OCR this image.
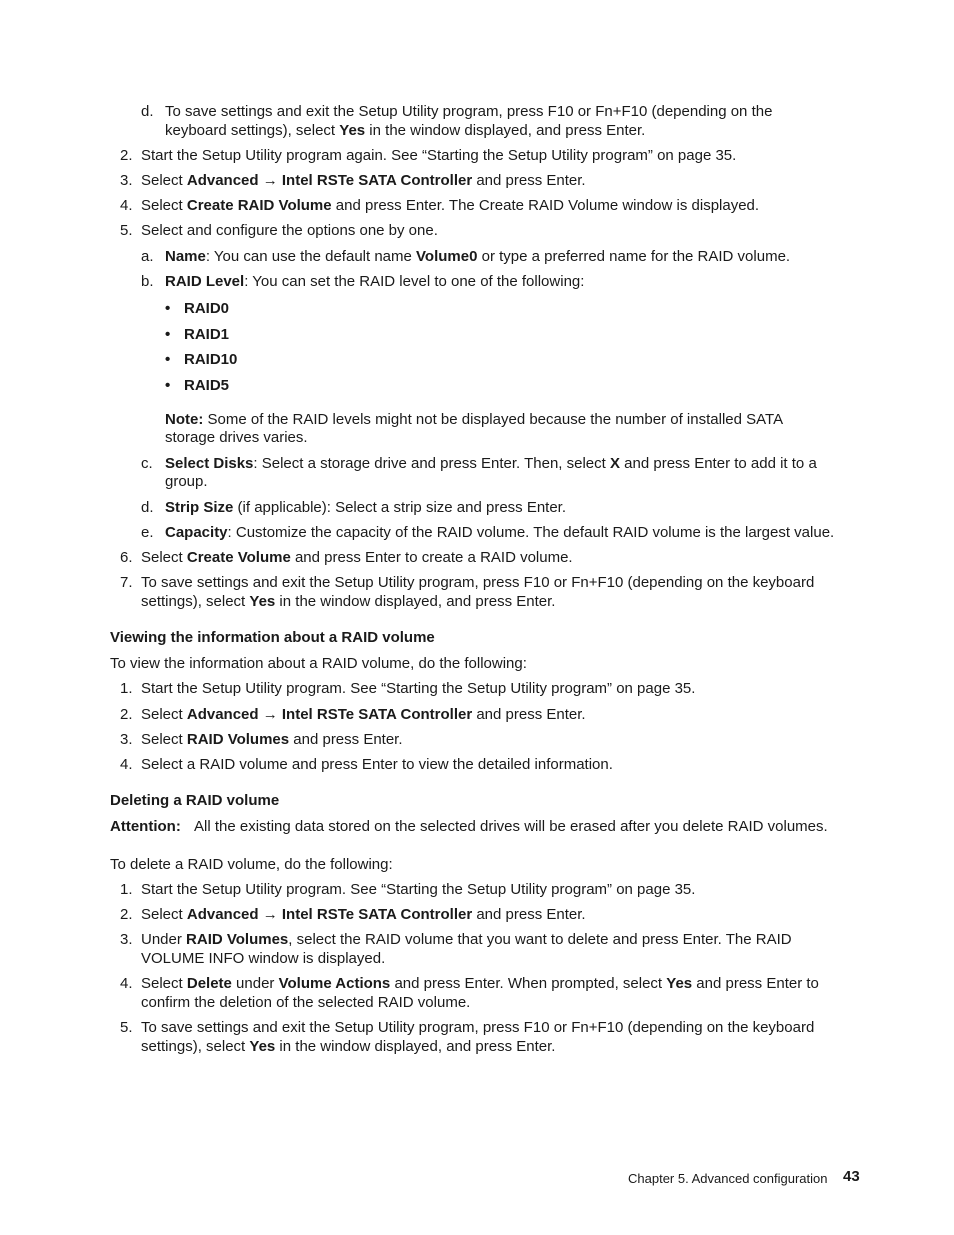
d. To save settings and exit the Setup Utility program, press F10 or Fn+F10 (depending on the
keyboard settings), select Yes in the window displayed, and press Enter.
2. Start the Setup Utility program again. See “Starting the Setup Utility program” on page 35.
3. Select Advanced → Intel RSTe SATA Controller and press Enter.
4. Select Create RAID Volume and press Enter. The Create RAID Volume window is displayed.
5. Select and configure the options one by one.
a. Name: You can use the default name Volume0 or type a preferred name for the RAID volume.
b. RAID Level: You can set the RAID level to one of the following:
• RAID0
• RAID1
• RAID10
• RAID5
Note: Some of the RAID levels might not be displayed because the number of installed SATA
storage drives varies.
c. Select Disks: Select a storage drive and press Enter. Then, select X and press Enter to add it to a
group.
d. Strip Size (if applicable): Select a strip size and press Enter.
e. Capacity: Customize the capacity of the RAID volume. The default RAID volume is the largest value.
6. Select Create Volume and press Enter to create a RAID volume.
7. To save settings and exit the Setup Utility program, press F10 or Fn+F10 (depending on the keyboard
settings), select Yes in the window displayed, and press Enter.
Viewing the information about a RAID volume
To view the information about a RAID volume, do the following:
1. Start the Setup Utility program. See “Starting the Setup Utility program” on page 35.
2. Select Advanced → Intel RSTe SATA Controller and press Enter.
3. Select RAID Volumes and press Enter.
4. Select a RAID volume and press Enter to view the detailed information.
Deleting a RAID volume
Attention: All the existing data stored on the selected drives will be erased after you delete RAID volumes.
To delete a RAID volume, do the following:
1. Start the Setup Utility program. See “Starting the Setup Utility program” on page 35.
2. Select Advanced → Intel RSTe SATA Controller and press Enter.
3. Under RAID Volumes, select the RAID volume that you want to delete and press Enter. The RAID
VOLUME INFO window is displayed.
4. Select Delete under Volume Actions and press Enter. When prompted, select Yes and press Enter to
confirm the deletion of the selected RAID volume.
5. To save settings and exit the Setup Utility program, press F10 or Fn+F10 (depending on the keyboard
settings), select Yes in the window displayed, and press Enter.
Chapter 5. Advanced configuration 43
